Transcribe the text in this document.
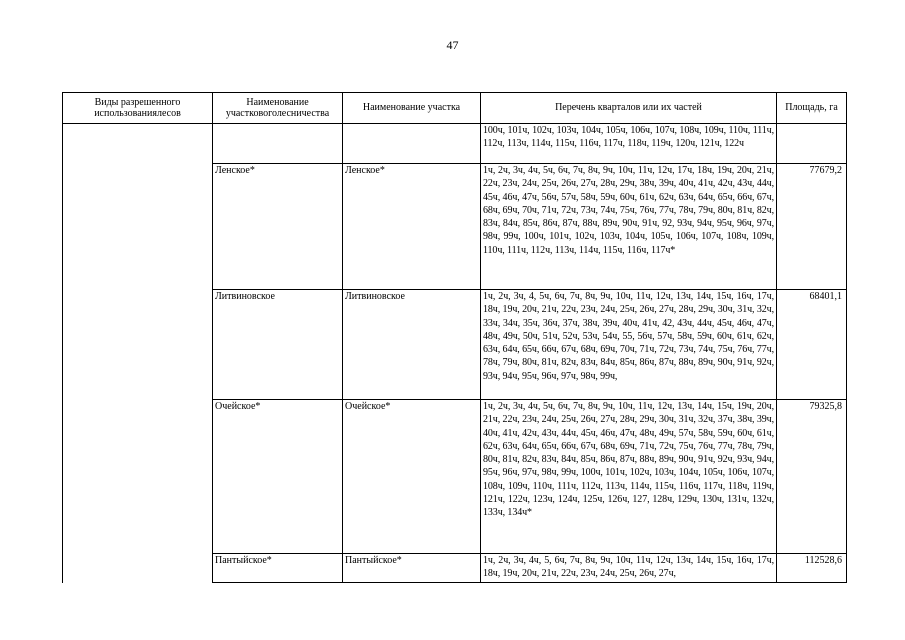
47
Виды разрешенного использованиялесов	Наименование участковоголесничества	Наименование участка	Перечень кварталов или их частей	Площадь, га
			100ч, 101ч, 102ч, 103ч, 104ч, 105ч, 106ч, 107ч, 108ч, 109ч, 110ч, 111ч, 112ч, 113ч, 114ч, 115ч, 116ч, 117ч, 118ч, 119ч, 120ч, 121ч, 122ч	
	Ленское*	Ленское*	1ч, 2ч, 3ч, 4ч, 5ч, 6ч, 7ч, 8ч, 9ч, 10ч, 11ч, 12ч, 17ч, 18ч, 19ч, 20ч, 21ч, 22ч, 23ч, 24ч, 25ч, 26ч, 27ч, 28ч, 29ч, 38ч, 39ч, 40ч, 41ч, 42ч, 43ч, 44ч, 45ч, 46ч, 47ч, 56ч, 57ч, 58ч, 59ч, 60ч, 61ч, 62ч, 63ч, 64ч, 65ч, 66ч, 67ч, 68ч, 69ч, 70ч, 71ч, 72ч, 73ч, 74ч, 75ч, 76ч, 77ч, 78ч, 79ч, 80ч, 81ч, 82ч, 83ч, 84ч, 85ч, 86ч, 87ч, 88ч, 89ч, 90ч, 91ч, 92, 93ч, 94ч, 95ч, 96ч, 97ч, 98ч, 99ч, 100ч, 101ч, 102ч, 103ч, 104ч, 105ч, 106ч, 107ч, 108ч, 109ч, 110ч, 111ч, 112ч, 113ч, 114ч, 115ч, 116ч, 117ч*	77679,2
	Литвиновское	Литвиновское	1ч, 2ч, 3ч, 4, 5ч, 6ч, 7ч, 8ч, 9ч, 10ч, 11ч, 12ч, 13ч, 14ч, 15ч, 16ч, 17ч, 18ч, 19ч, 20ч, 21ч, 22ч, 23ч, 24ч, 25ч, 26ч, 27ч, 28ч, 29ч, 30ч, 31ч, 32ч, 33ч, 34ч, 35ч, 36ч, 37ч, 38ч, 39ч, 40ч, 41ч, 42, 43ч, 44ч, 45ч, 46ч, 47ч, 48ч, 49ч, 50ч, 51ч, 52ч, 53ч, 54ч, 55, 56ч, 57ч, 58ч, 59ч, 60ч, 61ч, 62ч, 63ч, 64ч, 65ч, 66ч, 67ч, 68ч, 69ч, 70ч, 71ч, 72ч, 73ч, 74ч, 75ч, 76ч, 77ч, 78ч, 79ч, 80ч, 81ч, 82ч, 83ч, 84ч, 85ч, 86ч, 87ч, 88ч, 89ч, 90ч, 91ч, 92ч, 93ч, 94ч, 95ч, 96ч, 97ч, 98ч, 99ч,	68401,1
	Очейское*	Очейское*	1ч, 2ч, 3ч, 4ч, 5ч, 6ч, 7ч, 8ч, 9ч, 10ч, 11ч, 12ч, 13ч, 14ч, 15ч, 19ч, 20ч, 21ч, 22ч, 23ч, 24ч, 25ч, 26ч, 27ч, 28ч, 29ч, 30ч, 31ч, 32ч, 37ч, 38ч, 39ч, 40ч, 41ч, 42ч, 43ч, 44ч, 45ч, 46ч, 47ч, 48ч, 49ч, 57ч, 58ч, 59ч, 60ч, 61ч, 62ч, 63ч, 64ч, 65ч, 66ч, 67ч, 68ч, 69ч, 71ч, 72ч, 75ч, 76ч, 77ч, 78ч, 79ч, 80ч, 81ч, 82ч, 83ч, 84ч, 85ч, 86ч, 87ч, 88ч, 89ч, 90ч, 91ч, 92ч, 93ч, 94ч, 95ч, 96ч, 97ч, 98ч, 99ч, 100ч, 101ч, 102ч, 103ч, 104ч, 105ч, 106ч, 107ч, 108ч, 109ч, 110ч, 111ч, 112ч, 113ч, 114ч, 115ч, 116ч, 117ч, 118ч, 119ч, 121ч, 122ч, 123ч, 124ч, 125ч, 126ч, 127, 128ч, 129ч, 130ч, 131ч, 132ч, 133ч, 134ч*	79325,8
	Пантыйское*	Пантыйское*	1ч, 2ч, 3ч, 4ч, 5, 6ч, 7ч, 8ч, 9ч, 10ч, 11ч, 12ч, 13ч, 14ч, 15ч, 16ч, 17ч, 18ч, 19ч, 20ч, 21ч, 22ч, 23ч, 24ч, 25ч, 26ч, 27ч,	112528,6
